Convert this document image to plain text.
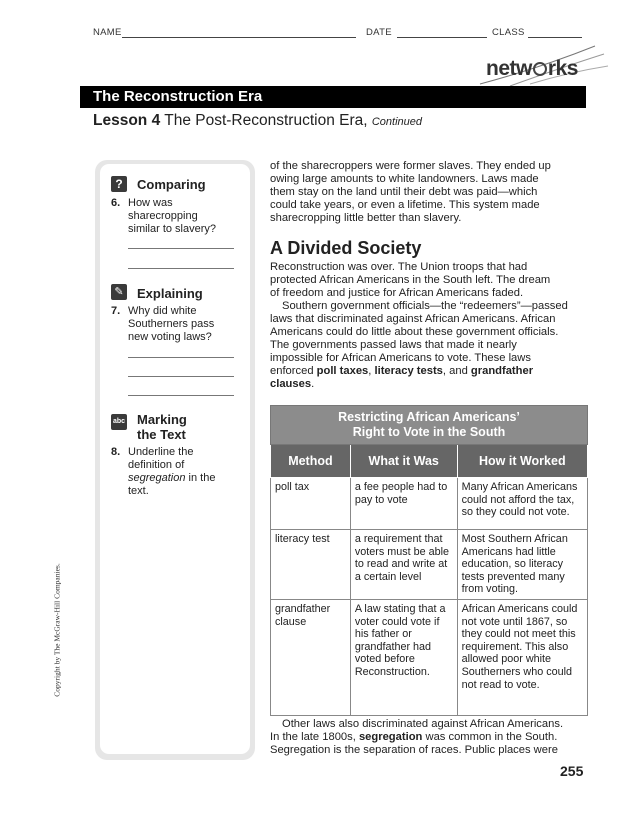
NAME	DATE	CLASS
netw rks
The Reconstruction Era
Lesson 4 The Post-Reconstruction Era, Continued
Copyright by The McGraw-Hill Companies.
?	Comparing
6. How was
sharecropping
similar to slavery?
✎ Explaining
7. Why did white
Southerners pass
new voting laws?
abc Marking
the Text
8. Underline the
definition of
segregation in the
text.
of the sharecroppers were former slaves. They ended up
owing large amounts to white landowners. Laws made
them stay on the land until their debt was paid—which
could take years, or even a lifetime. This system made
sharecropping little better than slavery.
A Divided Society
Reconstruction was over. The Union troops that had
protected African Americans in the South left. The dream
of freedom and justice for African Americans faded.
Southern government officials—the “redeemers”—passed
laws that discriminated against African Americans. African
Americans could do little about these government officials.
The governments passed laws that made it nearly
impossible for African Americans to vote. These laws
enforced poll taxes, literacy tests, and grandfather
clauses.
Restricting African Americans’
Right to Vote in the South		

Method	What it Was	How it Worked
poll tax	a fee people had to pay to vote	Many African Americans could not afford the tax, so they could not vote.
literacy test	a requirement that voters must be able to read and write at a certain level	Most Southern African Americans had little education, so literacy tests prevented many from voting.
grandfather clause	A law stating that a voter could vote if his father or grandfather had voted before Reconstruction.	African Americans could not vote until 1867, so they could not meet this requirement. This also allowed poor white Southerners who could not read to vote.
Other laws also discriminated against African Americans.
In the late 1800s, segregation was common in the South.
Segregation is the separation of races. Public places were
255
